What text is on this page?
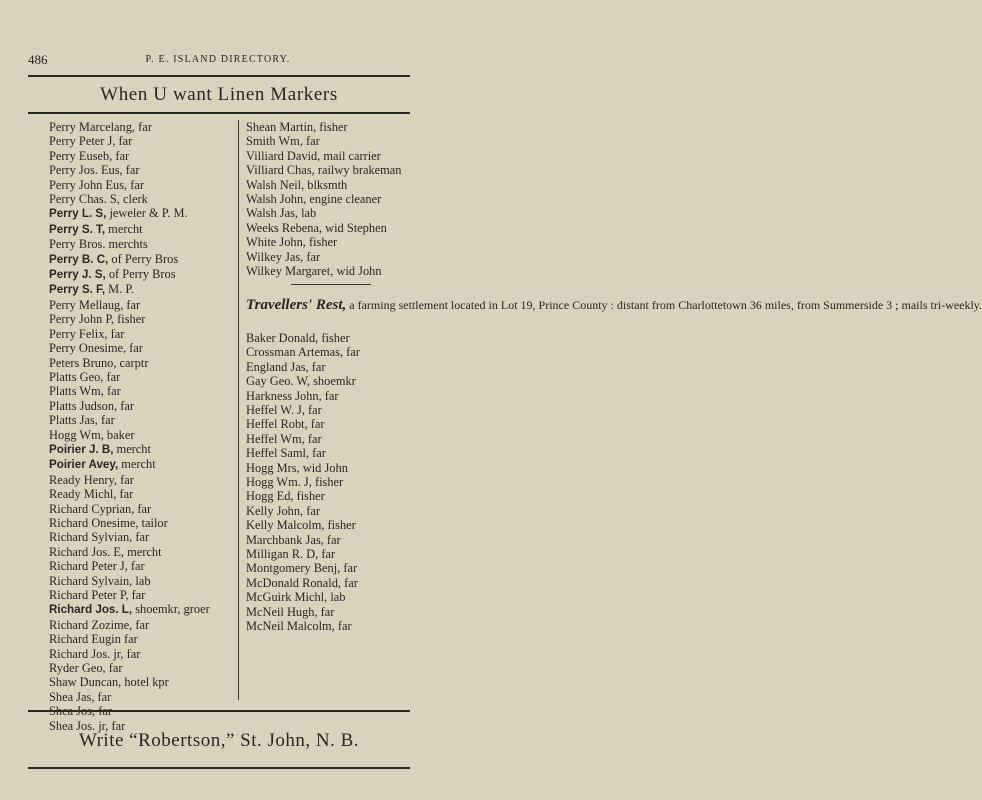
486	P. E. ISLAND DIRECTORY.
When U want Linen Markers
Perry Marcelang, far
Perry Peter J, far
Perry Euseb, far
Perry Jos. Eus, far
Perry John Eus, far
Perry Chas. S, clerk
Perry L. S, jeweler & P. M.
Perry S. T, mercht
Perry Bros. merchts
Perry B. C, of Perry Bros
Perry J. S, of Perry Bros
Perry S. F, M. P.
Perry Mellaug, far
Perry John P, fisher
Perry Felix, far
Perry Onesime, far
Peters Bruno, carptr
Platts Geo, far
Platts Wm, far
Platts Judson, far
Platts Jas, far
Hogg Wm, baker
Poirier J. B, mercht
Poirier Avey, mercht
Ready Henry, far
Ready Michl, far
Richard Cyprian, far
Richard Onesime, tailor
Richard Sylvian, far
Richard Jos. E, mercht
Richard Peter J, far
Richard Sylvain, lab
Richard Peter P, far
Richard Jos. L, shoemkr, groer
Richard Zozime, far
Richard Eugin far
Richard Jos. jr, far
Ryder Geo, far
Shaw Duncan, hotel kpr
Shea Jas, far
Shea Jos. jr, far
Shean Martin, fisher
Smith Wm, far
Villiard David, mail carrier
Villiard Chas, railwy brakeman
Walsh Neil, blksmth
Walsh John, engine cleaner
Walsh Jas, lab
Weeks Rebena, wid Stephen
White John, fisher
Wilkey Jas, far
Wilkey Margaret, wid John
Travellers' Rest, a farming settlement located in Lot 19, Prince County : distant from Charlottetown 36 miles, from Summerside 3 ; mails tri-weekly.
Baker Donald, fisher
Crossman Artemas, far
England Jas, far
Gay Geo. W, shoemkr
Harkness John, far
Heffel W. J, far
Heffel Robt, far
Heffel Wm, far
Heffel Saml, far
Hogg Mrs, wid John
Hogg Wm. J, fisher
Hogg Ed, fisher
Kelly John, far
Kelly Malcolm, fisher
Marchbank Jas, far
Milligan R. D, far
Montgomery Benj, far
McDonald Ronald, far
McGuirk Michl, lab
McNeil Hugh, far
McNeil Malcolm, far
Write “Robertson,” St. John, N. B.
